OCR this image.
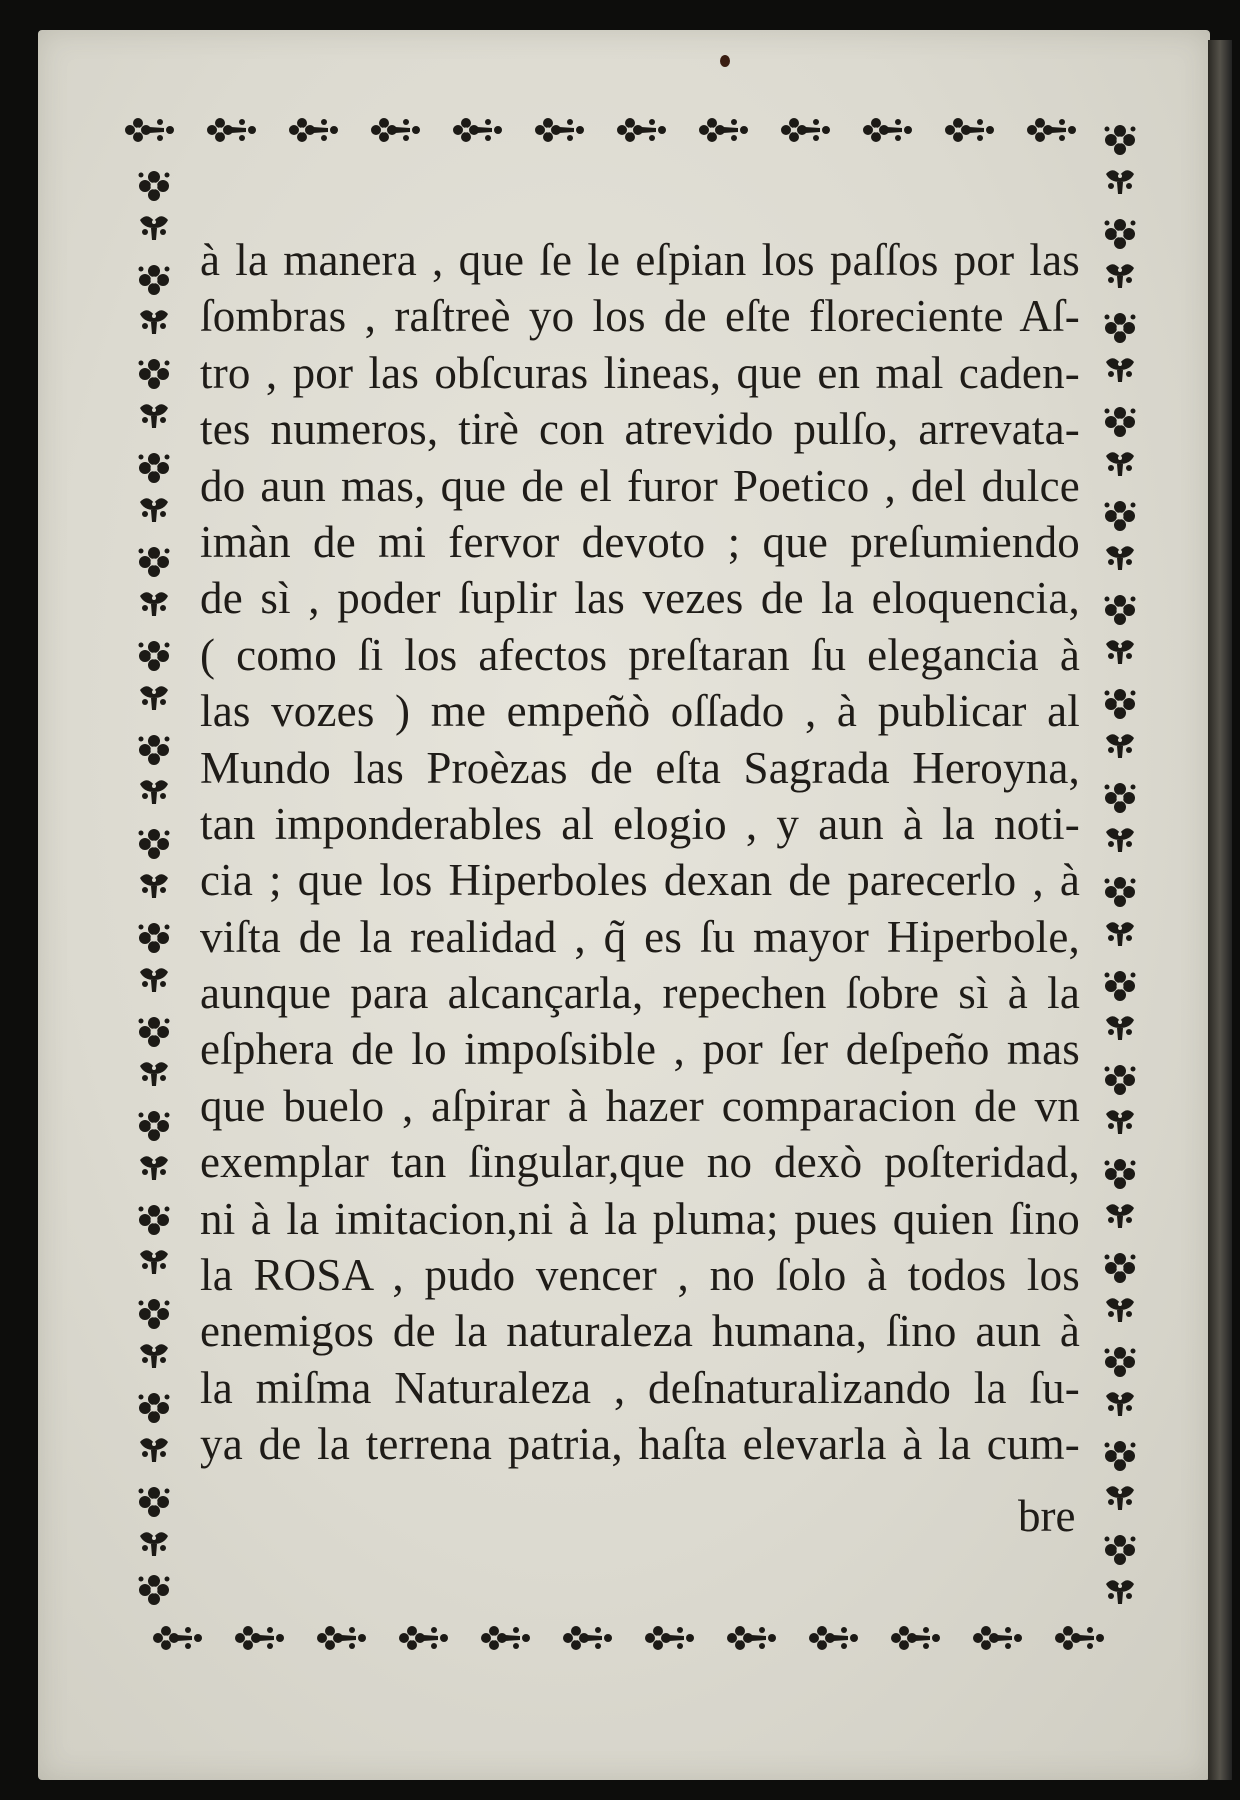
à la manera , que ſe le eſpian los paſſos por las
ſombras , raſtreè yo los de eſte floreciente Aſ-
tro , por las obſcuras lineas, que en mal caden-
tes numeros, tirè con atrevido pulſo, arrevata-
do aun mas, que de el furor Poetico , del dulce
imàn de mi fervor devoto ; que preſumiendo
de sì , poder ſuplir las vezes de la eloquencia,
( como ſi los afectos preſtaran ſu elegancia à
las vozes ) me empeñò oſſado , à publicar al
Mundo las Proèzas de eſta Sagrada Heroyna,
tan imponderables al elogio , y aun à la noti-
cia ; que los Hiperboles dexan de parecerlo , à
viſta de la realidad , q̃ es ſu mayor Hiperbole,
aunque para alcançarla, repechen ſobre sì à la
eſphera de lo impoſsible , por ſer deſpeño mas
que buelo , aſpirar à hazer comparacion de vn
exemplar tan ſingular,que no dexò poſteridad,
ni à la imitacion,ni à la pluma; pues quien ſino
la ROSA , pudo vencer , no ſolo à todos los
enemigos de la naturaleza humana, ſino aun à
la miſma Naturaleza , deſnaturalizando la ſu-
ya de la terrena patria, haſta elevarla à la cum-
bre
